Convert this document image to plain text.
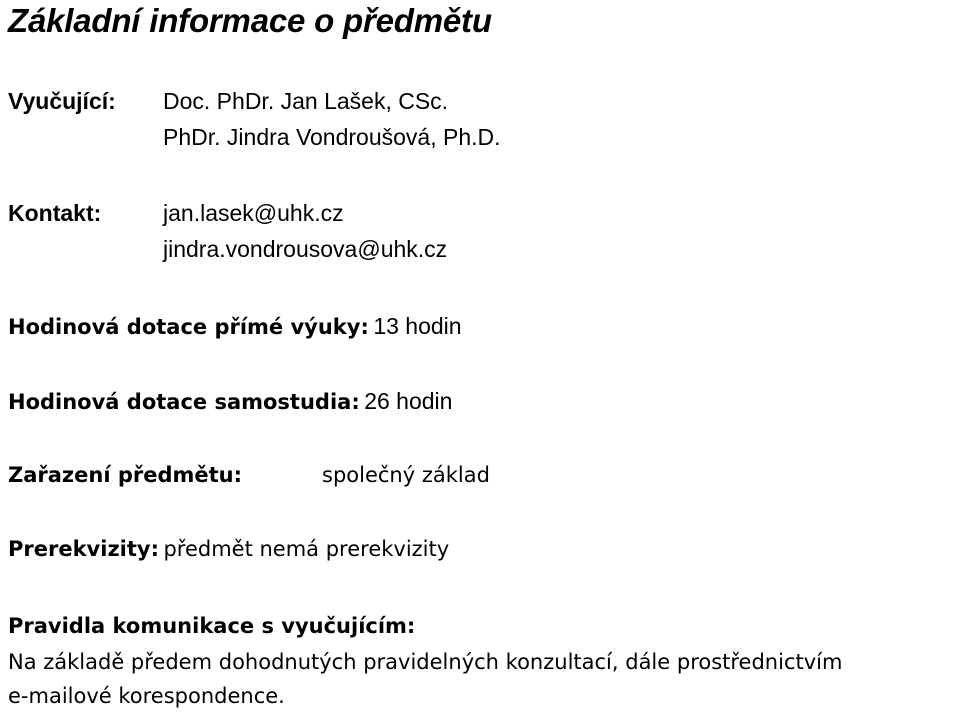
Základní informace o předmětu
Vyučující: Doc. PhDr. Jan Lašek, CSc.
PhDr. Jindra Vondroušová, Ph.D.
Kontakt:	jan.lasek@uhk.cz
jindra.vondrousova@uhk.cz
Hodinová dotace přímé výuky: 13 hodin
Hodinová dotace samostudia: 26 hodin
Zařazení předmětu:	společný základ
Prerekvizity: předmět nemá prerekvizity
Pravidla komunikace s vyučujícím:
Na základě předem dohodnutých pravidelných konzultací, dále prostřednictvím
e-mailové korespondence.
